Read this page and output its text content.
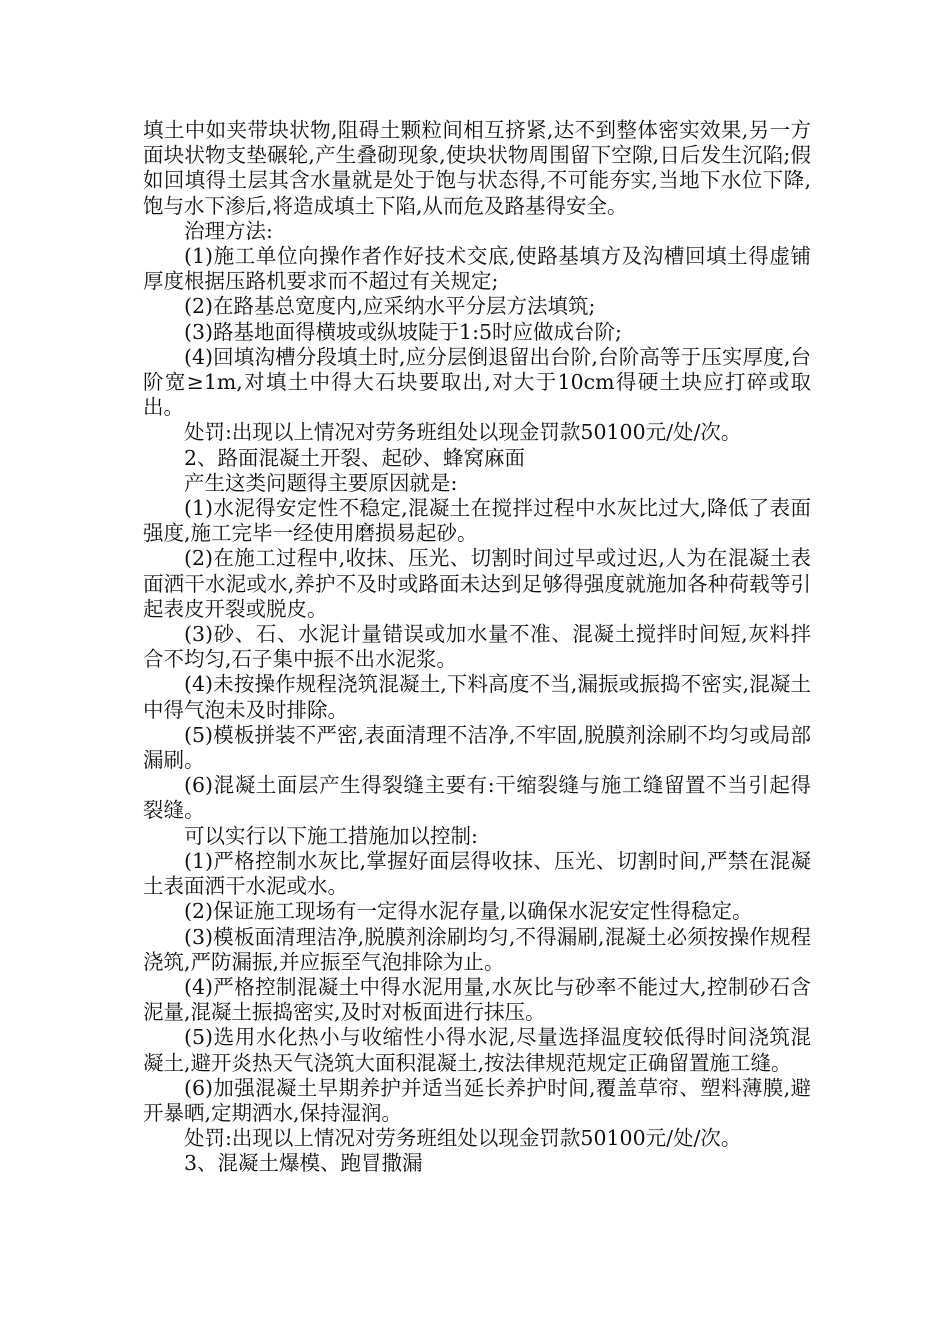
填土中如夹带块状物,阻碍土颗粒间相互挤紧,达不到整体密实效果,另一方面块状物支垫碾轮,产生叠砌现象,使块状物周围留下空隙,日后发生沉陷;假如回填得土层其含水量就是处于饱与状态得,不可能夯实,当地下水位下降,饱与水下渗后,将造成填土下陷,从而危及路基得安全。

治理方法:

(1)施工单位向操作者作好技术交底,使路基填方及沟槽回填土得虚铺厚度根据压路机要求而不超过有关规定;

(2)在路基总宽度内,应采纳水平分层方法填筑;

(3)路基地面得横坡或纵坡陡于1:5时应做成台阶;

(4)回填沟槽分段填土时,应分层倒退留出台阶,台阶高等于压实厚度,台阶宽≥1m,对填土中得大石块要取出,对大于10cm得硬土块应打碎或取出。

处罚:出现以上情况对劳务班组处以现金罚款50100元/处/次。

2、路面混凝土开裂、起砂、蜂窝麻面

产生这类问题得主要原因就是:

(1)水泥得安定性不稳定,混凝土在搅拌过程中水灰比过大,降低了表面强度,施工完毕一经使用磨损易起砂。

(2)在施工过程中,收抹、压光、切割时间过早或过迟,人为在混凝土表面洒干水泥或水,养护不及时或路面未达到足够得强度就施加各种荷载等引起表皮开裂或脱皮。

(3)砂、石、水泥计量错误或加水量不准、混凝土搅拌时间短,灰料拌合不均匀,石子集中振不出水泥浆。

(4)未按操作规程浇筑混凝土,下料高度不当,漏振或振捣不密实,混凝土中得气泡未及时排除。

(5)模板拼装不严密,表面清理不洁净,不牢固,脱膜剂涂刷不均匀或局部漏刷。

(6)混凝土面层产生得裂缝主要有:干缩裂缝与施工缝留置不当引起得裂缝。

可以实行以下施工措施加以控制:

(1)严格控制水灰比,掌握好面层得收抹、压光、切割时间,严禁在混凝土表面洒干水泥或水。

(2)保证施工现场有一定得水泥存量,以确保水泥安定性得稳定。

(3)模板面清理洁净,脱膜剂涂刷均匀,不得漏刷,混凝土必须按操作规程浇筑,严防漏振,并应振至气泡排除为止。

(4)严格控制混凝土中得水泥用量,水灰比与砂率不能过大,控制砂石含泥量,混凝土振捣密实,及时对板面进行抹压。

(5)选用水化热小与收缩性小得水泥,尽量选择温度较低得时间浇筑混凝土,避开炎热天气浇筑大面积混凝土,按法律规范规定正确留置施工缝。

(6)加强混凝土早期养护并适当延长养护时间,覆盖草帘、塑料薄膜,避开暴晒,定期洒水,保持湿润。

处罚:出现以上情况对劳务班组处以现金罚款50100元/处/次。

3、混凝土爆模、跑冒撒漏
